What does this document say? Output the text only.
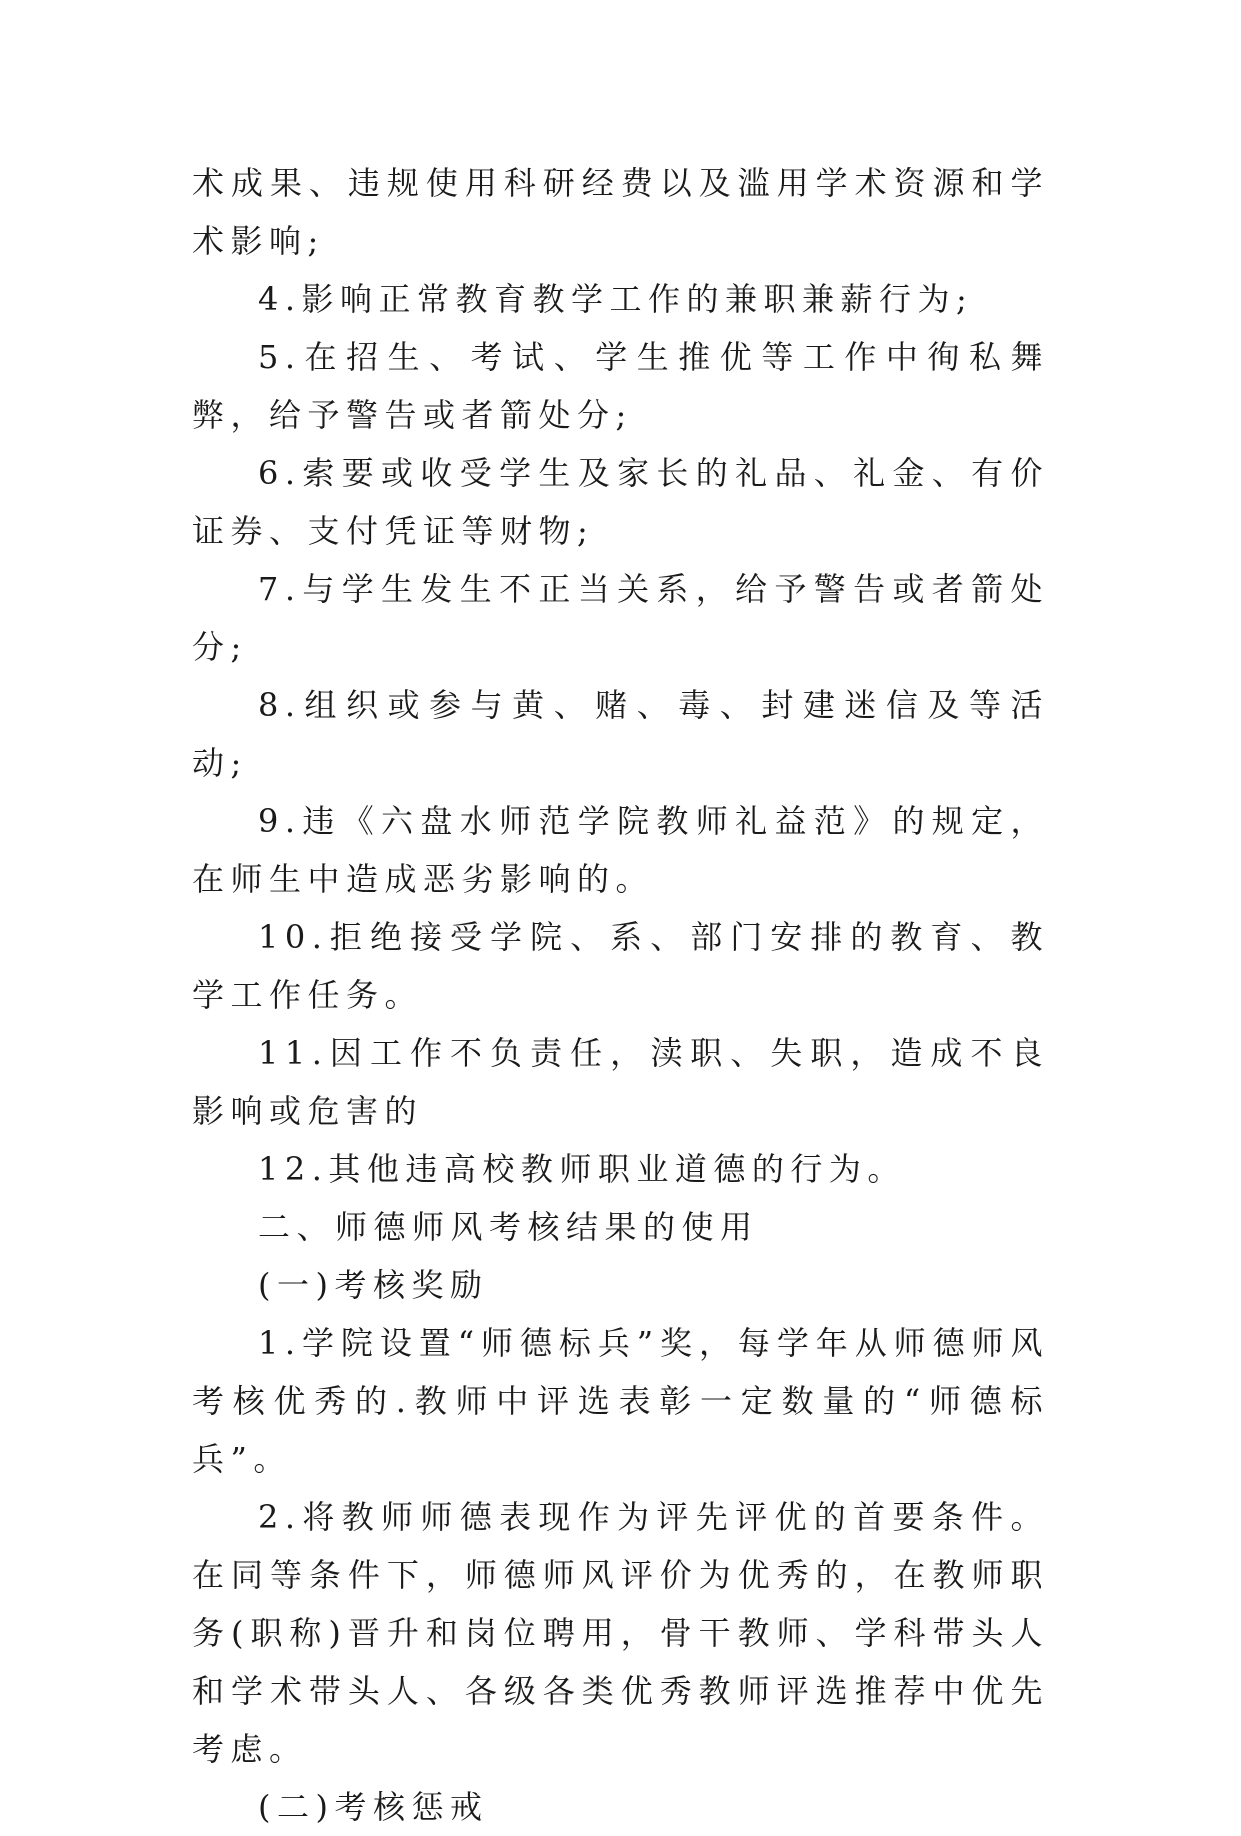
术成果、违规使用科研经费以及滥用学术资源和学术影响;

4.影响正常教育教学工作的兼职兼薪行为;

5.在招生、考试、学生推优等工作中徇私舞弊，给予警告或者箭处分;

6.索要或收受学生及家长的礼品、礼金、有价证券、支付凭证等财物;

7.与学生发生不正当关系，给予警告或者箭处分;

8.组织或参与黄、赌、毒、封建迷信及等活动;

9.违《六盘水师范学院教师礼益范》的规定，在师生中造成恶劣影响的。

10.拒绝接受学院、系、部门安排的教育、教学工作任务。

11.因工作不负责任，渎职、失职，造成不良影响或危害的

12.其他违高校教师职业道德的行为。

二、师德师风考核结果的使用

(一)考核奖励

1.学院设置“师德标兵”奖，每学年从师德师风考核优秀的.教师中评选表彰一定数量的“师德标兵”。

2.将教师师德表现作为评先评优的首要条件。在同等条件下，师德师风评价为优秀的，在教师职务(职称)晋升和岗位聘用，骨干教师、学科带头人和学术带头人、各级各类优秀教师评选推荐中优先考虑。

(二)考核惩戒
